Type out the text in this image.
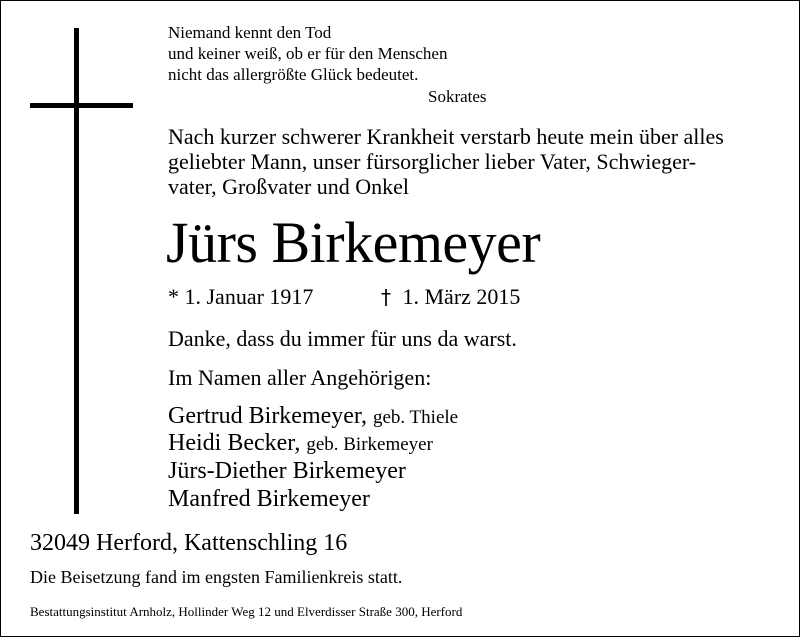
Niemand kennt den Tod
und keiner weiß, ob er für den Menschen
nicht das allergrößte Glück bedeutet.
Sokrates
Nach kurzer schwerer Krankheit verstarb heute mein über alles
geliebter Mann, unser fürsorglicher lieber Vater, Schwieger-
vater, Großvater und Onkel
Jürs Birkemeyer
* 1. Januar 1917	† 1. März 2015
Danke, dass du immer für uns da warst.
Im Namen aller Angehörigen:
Gertrud Birkemeyer, geb. Thiele
Heidi Becker, geb. Birkemeyer
Jürs-Diether Birkemeyer
Manfred Birkemeyer
32049 Herford, Kattenschling 16
Die Beisetzung fand im engsten Familienkreis statt.
Bestattungsinstitut Arnholz, Hollinder Weg 12 und Elverdisser Straße 300, Herford
